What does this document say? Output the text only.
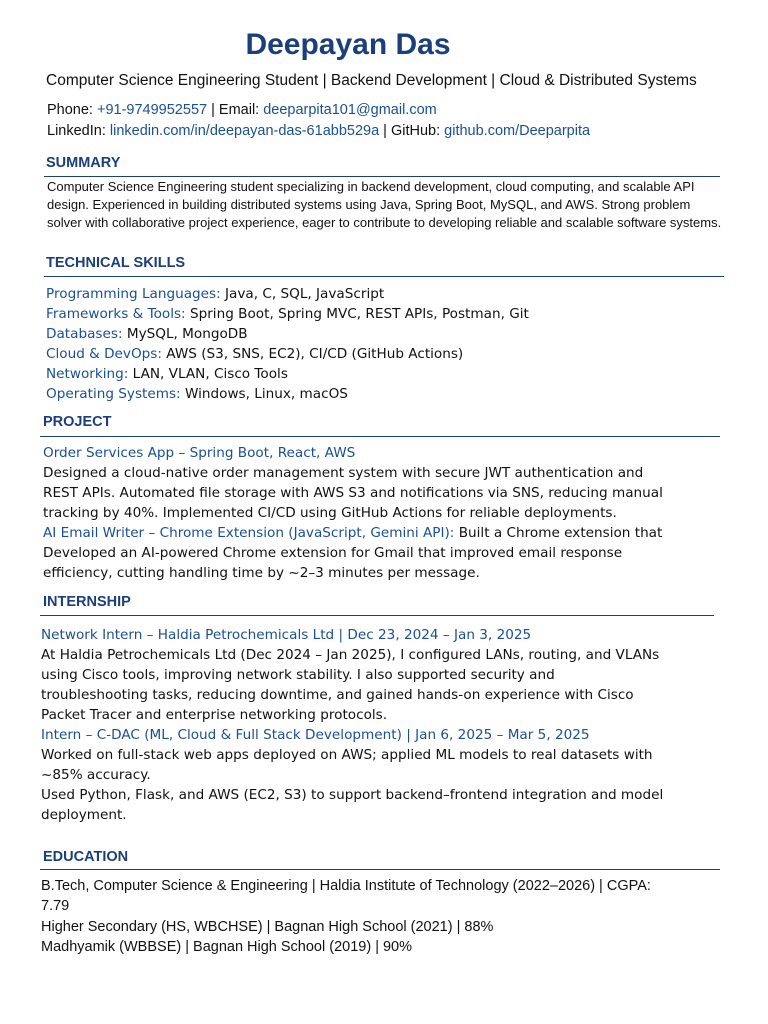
Deepayan Das
Computer Science Engineering Student | Backend Development | Cloud & Distributed Systems
Phone: +91-9749952557 | Email: deeparpita101@gmail.com
LinkedIn: linkedin.com/in/deepayan-das-61abb529a | GitHub: github.com/Deeparpita
SUMMARY
Computer Science Engineering student specializing in backend development, cloud computing, and scalable API design. Experienced in building distributed systems using Java, Spring Boot, MySQL, and AWS. Strong problem solver with collaborative project experience, eager to contribute to developing reliable and scalable software systems.
TECHNICAL SKILLS
Programming Languages: Java, C, SQL, JavaScript
Frameworks & Tools: Spring Boot, Spring MVC, REST APIs, Postman, Git
Databases: MySQL, MongoDB
Cloud & DevOps: AWS (S3, SNS, EC2), CI/CD (GitHub Actions)
Networking: LAN, VLAN, Cisco Tools
Operating Systems: Windows, Linux, macOS
PROJECT
Order Services App – Spring Boot, React, AWS
Designed a cloud-native order management system with secure JWT authentication and
REST APIs. Automated file storage with AWS S3 and notifications via SNS, reducing manual
tracking by 40%. Implemented CI/CD using GitHub Actions for reliable deployments.
AI Email Writer – Chrome Extension (JavaScript, Gemini API): Built a Chrome extension that
Developed an AI-powered Chrome extension for Gmail that improved email response
efficiency, cutting handling time by ~2–3 minutes per message.
INTERNSHIP
Network Intern – Haldia Petrochemicals Ltd | Dec 23, 2024 – Jan 3, 2025
At Haldia Petrochemicals Ltd (Dec 2024 – Jan 2025), I configured LANs, routing, and VLANs
using Cisco tools, improving network stability. I also supported security and
troubleshooting tasks, reducing downtime, and gained hands-on experience with Cisco
Packet Tracer and enterprise networking protocols.
Intern – C-DAC (ML, Cloud & Full Stack Development) | Jan 6, 2025 – Mar 5, 2025
Worked on full-stack web apps deployed on AWS; applied ML models to real datasets with
~85% accuracy.
Used Python, Flask, and AWS (EC2, S3) to support backend–frontend integration and model
deployment.
EDUCATION
B.Tech, Computer Science & Engineering | Haldia Institute of Technology (2022–2026) | CGPA:
7.79
Higher Secondary (HS, WBCHSE) | Bagnan High School (2021) | 88%
Madhyamik (WBBSE) | Bagnan High School (2019) | 90%
